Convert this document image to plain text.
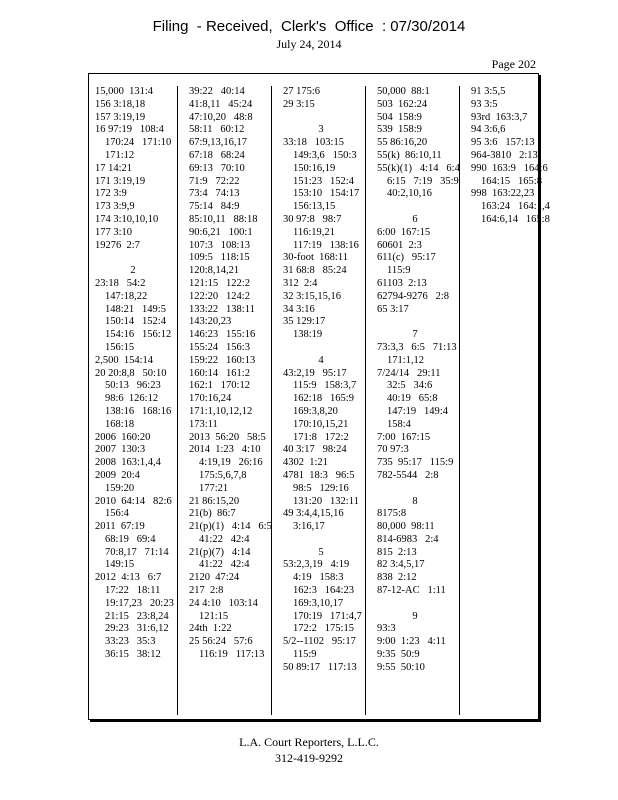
Filing  - Received,  Clerk's  Office  : 07/30/2014
July 24, 2014
Page 202
15,000  131:4
156 3:18,18
157 3:19,19
16 97:19   108:4
170:24   171:10
171:12
17 14:21
171 3:19,19
172 3:9
173 3:9,9
174 3:10,10,10
177 3:10
19276  2:7

2
23:18   54:2
147:18,22
148:21   149:5
150:14   152:4
154:16   156:12
156:15
2,500  154:14
20 20:8,8   50:10
50:13   96:23
98:6  126:12
138:16   168:16
168:18
2006  160:20
2007  130:3
2008  163:1,4,4
2009  20:4
159:20
2010  64:14   82:6
156:4
2011  67:19
68:19   69:4
70:8,17   71:14
149:15
2012  4:13   6:7
17:22   18:11
19:17,23   20:23
21:15   23:8,24
29:23   31:6,12
33:23   35:3
36:15   38:12
39:22   40:14
41:8,11   45:24
47:10,20   48:8
58:11   60:12
67:9,13,16,17
67:18   68:24
69:13   70:10
71:9   72:22
73:4   74:13
75:14   84:9
85:10,11   88:18
90:6,21   100:1
107:3   108:13
109:5   118:15
120:8,14,21
121:15   122:2
122:20   124:2
133:22   138:11
143:20,23
146:23   155:16
155:24   156:3
159:22   160:13
160:14   161:2
162:1   170:12
170:16,24
171:1,10,12,12
173:11
2013  56:20   58:5
2014  1:23   4:10
4:19,19   26:16
175:5,6,7,8
177:21
21 86:15,20
21(b)  86:7
21(p)(1)   4:14   6:5
41:22   42:4
21(p)(7)   4:14
41:22   42:4
2120  47:24
217  2:8
24 4:10   103:14
121:15
24th  1:22
25 56:24   57:6
116:19   117:13
27 175:6
29 3:15

3
33:18   103:15
149:3,6   150:3
150:16,19
151:23   152:4
153:10   154:17
156:13,15
30 97:8   98:7
116:19,21
117:19   138:16
30-foot  168:11
31 68:8   85:24
312  2:4
32 3:15,15,16
34 3:16
35 129:17
138:19

4
43:2,19   95:17
115:9   158:3,7
162:18   165:9
169:3,8,20
170:10,15,21
171:8   172:2
40 3:17   98:24
4302  1:21
4781  18:3   96:5
98:5   129:16
131:20   132:11
49 3:4,4,15,16
3:16,17

5
53:2,3,19   4:19
4:19   158:3
162:3   164:23
169:3,10,17
170:19   171:4,7
172:2   175:15
5/2--1102   95:17
115:9
50 89:17   117:13
50,000  88:1
503  162:24
504  158:9
539  158:9
55 86:16,20
55(k)  86:10,11
55(k)(1)   4:14   6:4
6:15   7:19   35:9
40:2,10,16

6
6:00  167:15
60601  2:3
611(c)   95:17
115:9
61103  2:13
62794-9276   2:8
65 3:17

7
73:3,3   6:5   71:13
171:1,12
7/24/14   29:11
32:5   34:6
40:19   65:8
147:19   149:4
158:4
7:00  167:15
70 97:3
735  95:17   115:9
782-5544   2:8

8
8175:8
80,000  98:11
814-6983   2:4
815  2:13
82 3:4,5,17
838  2:12
87-12-AC   1:11

9
93:3
9:00  1:23   4:11
9:35  50:9
9:55  50:10
91 3:5,5
93 3:5
93rd  163:3,7
94 3:6,6
95 3:6   157:13
964-3810   2:13
990  163:9   164:6
164:15   165:8
998  163:22,23
163:24   164:1,4
164:6,14   165:8
L.A. Court Reporters, L.L.C.
312-419-9292
